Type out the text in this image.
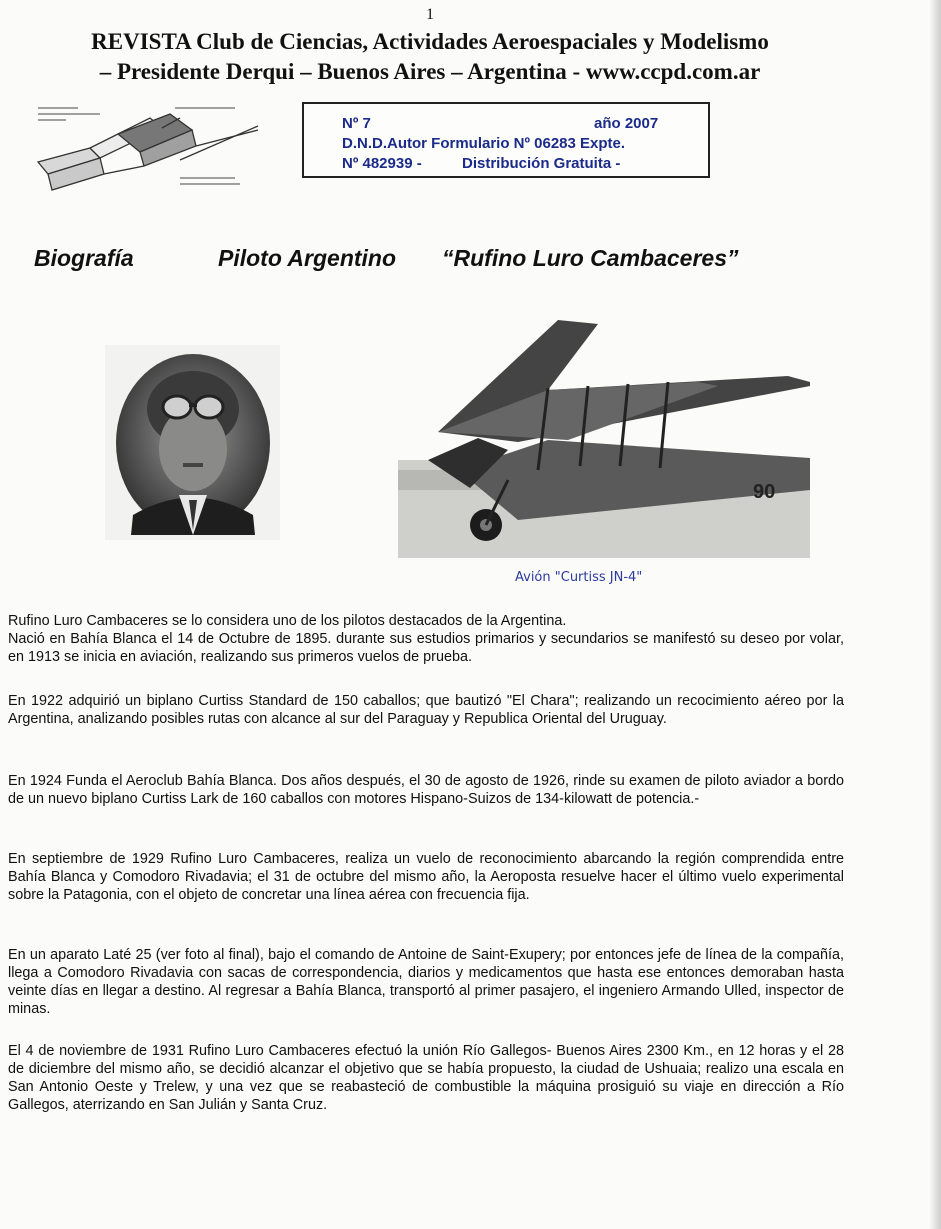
1
REVISTA Club de Ciencias, Actividades Aeroespaciales y Modelismo
– Presidente Derqui – Buenos Aires – Argentina - www.ccpd.com.ar
Nº 7	año 2007
D.N.D.Autor Formulario Nº 06283 Expte.
Nº 482939 -	Distribución Gratuita -
Biografía	Piloto Argentino “Rufino Luro Cambaceres”
90
Avión "Curtiss JN-4"

Rufino Luro Cambaceres se lo considera uno de los pilotos destacados de la Argentina.
Nació en Bahía Blanca el 14 de Octubre de 1895. durante sus estudios primarios y secundarios se manifestó su deseo por volar, en 1913 se inicia en aviación, realizando sus primeros vuelos de prueba.

En 1922 adquirió un biplano Curtiss Standard de 150 caballos; que bautizó "El Chara"; realizando un recocimiento aéreo por la Argentina, analizando posibles rutas con alcance al sur del Paraguay y Republica Oriental del Uruguay.

En 1924 Funda el Aeroclub Bahía Blanca. Dos años después, el 30 de agosto de 1926, rinde su examen de piloto aviador a bordo de un nuevo biplano Curtiss Lark de 160 caballos con motores Hispano-Suizos de 134-kilowatt de potencia.-

En septiembre de 1929 Rufino Luro Cambaceres, realiza un vuelo de reconocimiento abarcando la región comprendida entre Bahía Blanca y Comodoro Rivadavia; el 31 de octubre del mismo año, la Aeroposta resuelve hacer el último vuelo experimental sobre la Patagonia, con el objeto de concretar una línea aérea con frecuencia fija.

En un aparato Laté 25 (ver foto al final), bajo el comando de Antoine de Saint-Exupery; por entonces jefe de línea de la compañía, llega a Comodoro Rivadavia con sacas de correspondencia, diarios y medicamentos que hasta ese entonces demoraban hasta veinte días en llegar a destino. Al regresar a Bahía Blanca, transportó al primer pasajero, el ingeniero Armando Ulled, inspector de minas.

El 4 de noviembre de 1931 Rufino Luro Cambaceres efectuó la unión Río Gallegos- Buenos Aires 2300 Km., en 12 horas y el 28 de diciembre del mismo año, se decidió alcanzar el objetivo que se había propuesto, la ciudad de Ushuaia; realizo una escala en San Antonio Oeste y Trelew, y una vez que se reabasteció de combustible la máquina prosiguió su viaje en dirección a Río Gallegos, aterrizando en San Julián y Santa Cruz.
